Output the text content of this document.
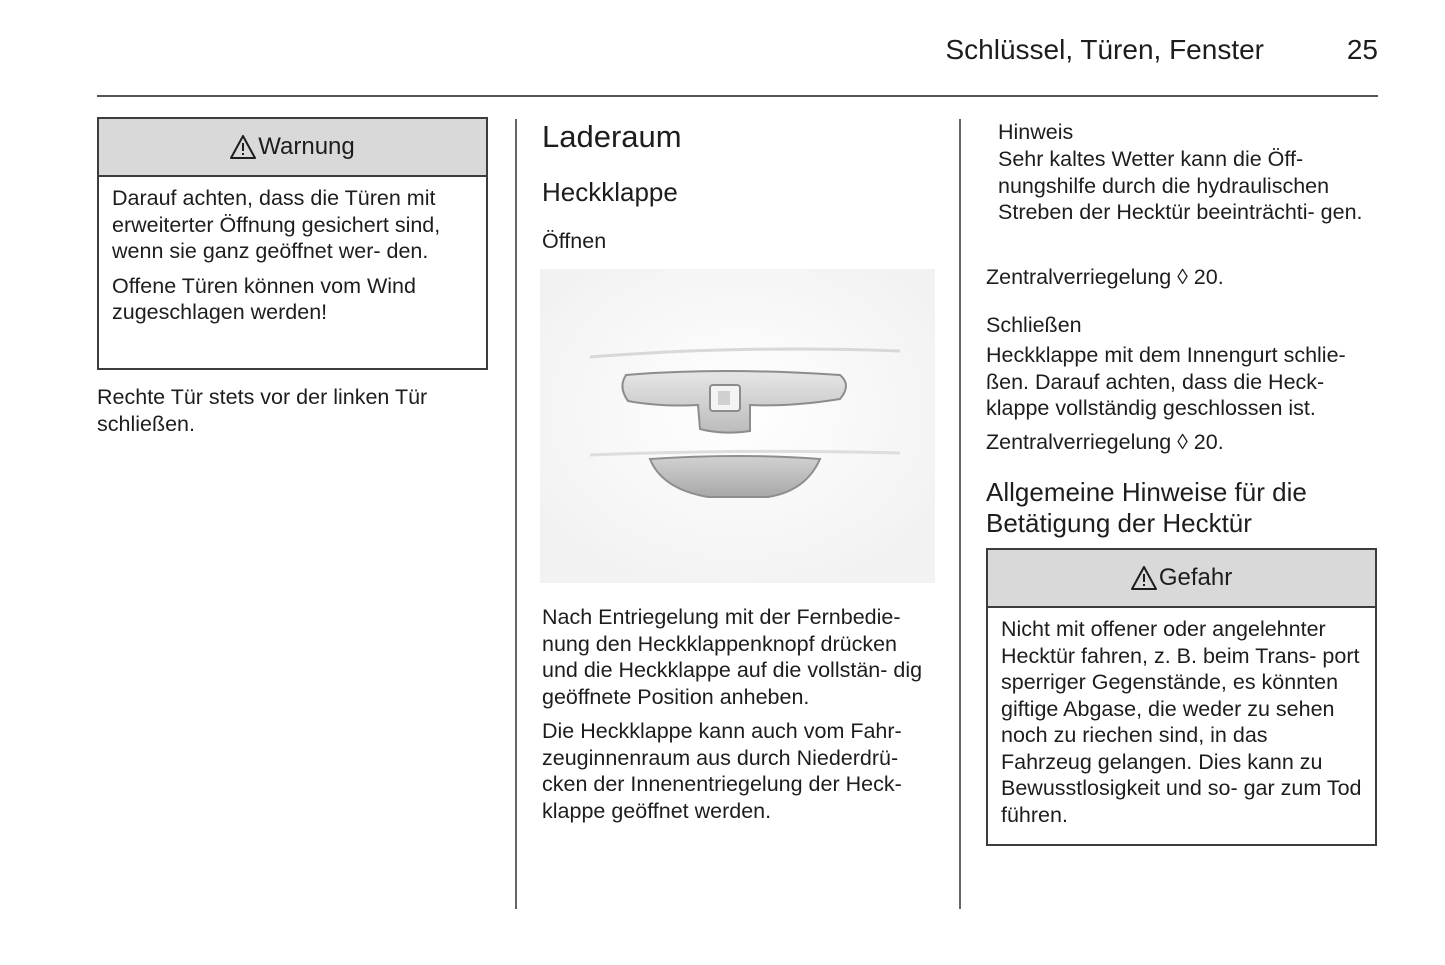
Schlüssel, Türen, Fenster	25
Warnung

Darauf achten, dass die Türen mit erweiterter Öffnung gesichert sind, wenn sie ganz geöffnet wer- den.

Offene Türen können vom Wind zugeschlagen werden!

Rechte Tür stets vor der linken Tür schließen.

Laderaum
Heckklappe
Öffnen

Nach Entriegelung mit der Fernbedie- nung den Heckklappenknopf drücken und die Heckklappe auf die vollstän- dig geöffnete Position anheben.

Die Heckklappe kann auch vom Fahr- zeuginnenraum aus durch Niederdrü- cken der Innenentriegelung der Heck- klappe geöffnet werden.

Hinweis

Sehr kaltes Wetter kann die Öff- nungshilfe durch die hydraulischen Streben der Hecktür beeinträchti- gen.

Zentralverriegelung ◊ 20.

Schließen

Heckklappe mit dem Innengurt schlie- ßen. Darauf achten, dass die Heck- klappe vollständig geschlossen ist.

Zentralverriegelung ◊ 20.

Allgemeine Hinweise für die Betätigung der Hecktür
Gefahr

Nicht mit offener oder angelehnter Hecktür fahren, z. B. beim Trans- port sperriger Gegenstände, es könnten giftige Abgase, die weder zu sehen noch zu riechen sind, in das Fahrzeug gelangen. Dies kann zu Bewusstlosigkeit und so- gar zum Tod führen.
